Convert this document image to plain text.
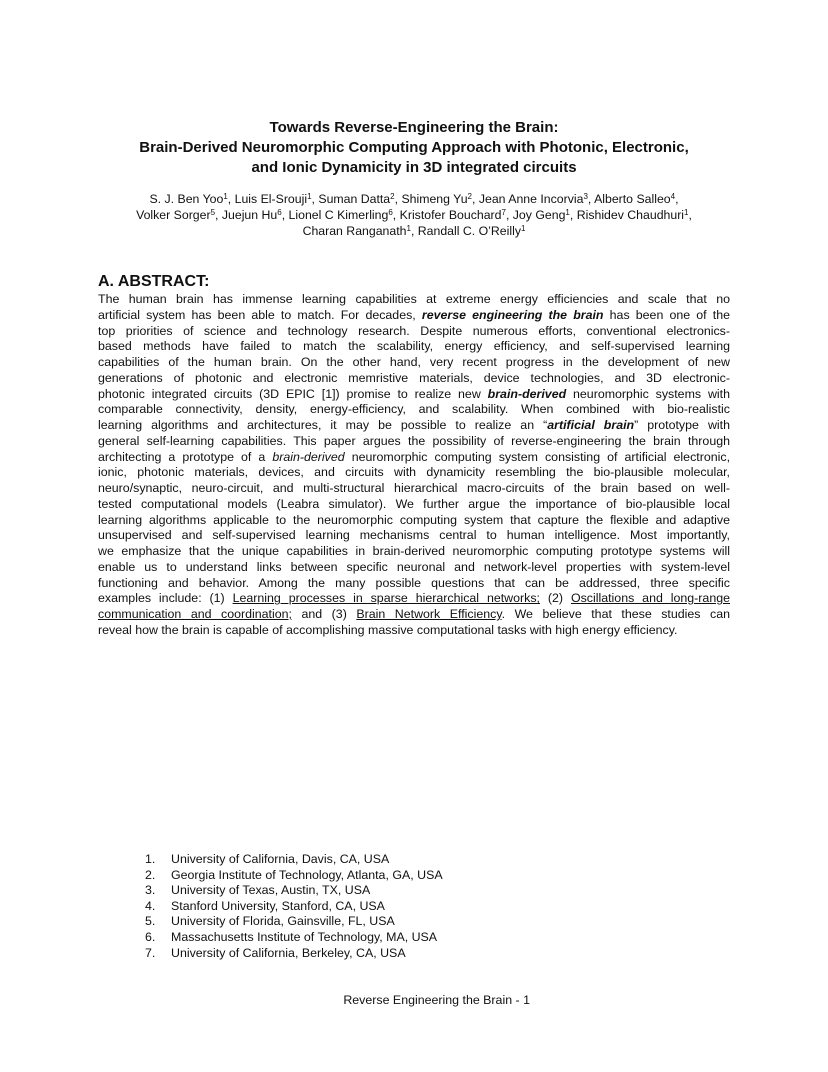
Towards Reverse-Engineering the Brain:
Brain-Derived Neuromorphic Computing Approach with Photonic, Electronic,
and Ionic Dynamicity in 3D integrated circuits
S. J. Ben Yoo$^1$, Luis El-Srouji$^1$, Suman Datta$^2$, Shimeng Yu$^2$, Jean Anne Incorvia$^3$, Alberto Salleo$^4$,
Volker Sorger$^5$, Juejun Hu$^6$, Lionel C Kimerling$^6$, Kristofer Bouchard$^7$, Joy Geng$^1$, Rishidev Chaudhuri$^1$,
Charan Ranganath$^1$, Randall C. O’Reilly$^1$
A. ABSTRACT:
The human brain has immense learning capabilities at extreme energy efficiencies and scale that no
artificial system has been able to match. For decades, reverse engineering the brain has been one of the
top priorities of science and technology research. Despite numerous efforts, conventional electronics-
based methods have failed to match the scalability, energy efficiency, and self-supervised learning
capabilities of the human brain. On the other hand, very recent progress in the development of new
generations of photonic and electronic memristive materials, device technologies, and 3D electronic-
photonic integrated circuits (3D EPIC [1]) promise to realize new brain-derived neuromorphic systems with
comparable connectivity, density, energy-efficiency, and scalability. When combined with bio-realistic
learning algorithms and architectures, it may be possible to realize an “artificial brain” prototype with
general self-learning capabilities. This paper argues the possibility of reverse-engineering the brain through
architecting a prototype of a brain-derived neuromorphic computing system consisting of artificial electronic,
ionic, photonic materials, devices, and circuits with dynamicity resembling the bio-plausible molecular,
neuro/synaptic, neuro-circuit, and multi-structural hierarchical macro-circuits of the brain based on well-
tested computational models (Leabra simulator). We further argue the importance of bio-plausible local
learning algorithms applicable to the neuromorphic computing system that capture the flexible and adaptive
unsupervised and self-supervised learning mechanisms central to human intelligence. Most importantly,
we emphasize that the unique capabilities in brain-derived neuromorphic computing prototype systems will
enable us to understand links between specific neuronal and network-level properties with system-level
functioning and behavior. Among the many possible questions that can be addressed, three specific
examples include: (1) Learning processes in sparse hierarchical networks; (2) Oscillations and long-range
communication and coordination; and (3) Brain Network Efficiency. We believe that these studies can
reveal how the brain is capable of accomplishing massive computational tasks with high energy efficiency.
1.	University of California, Davis, CA, USA
2.	Georgia Institute of Technology, Atlanta, GA, USA
3.	University of Texas, Austin, TX, USA
4.	Stanford University, Stanford, CA, USA
5.	University of Florida, Gainsville, FL, USA
6.	Massachusetts Institute of Technology, MA, USA
7.	University of California, Berkeley, CA, USA
Reverse Engineering the Brain - 1
